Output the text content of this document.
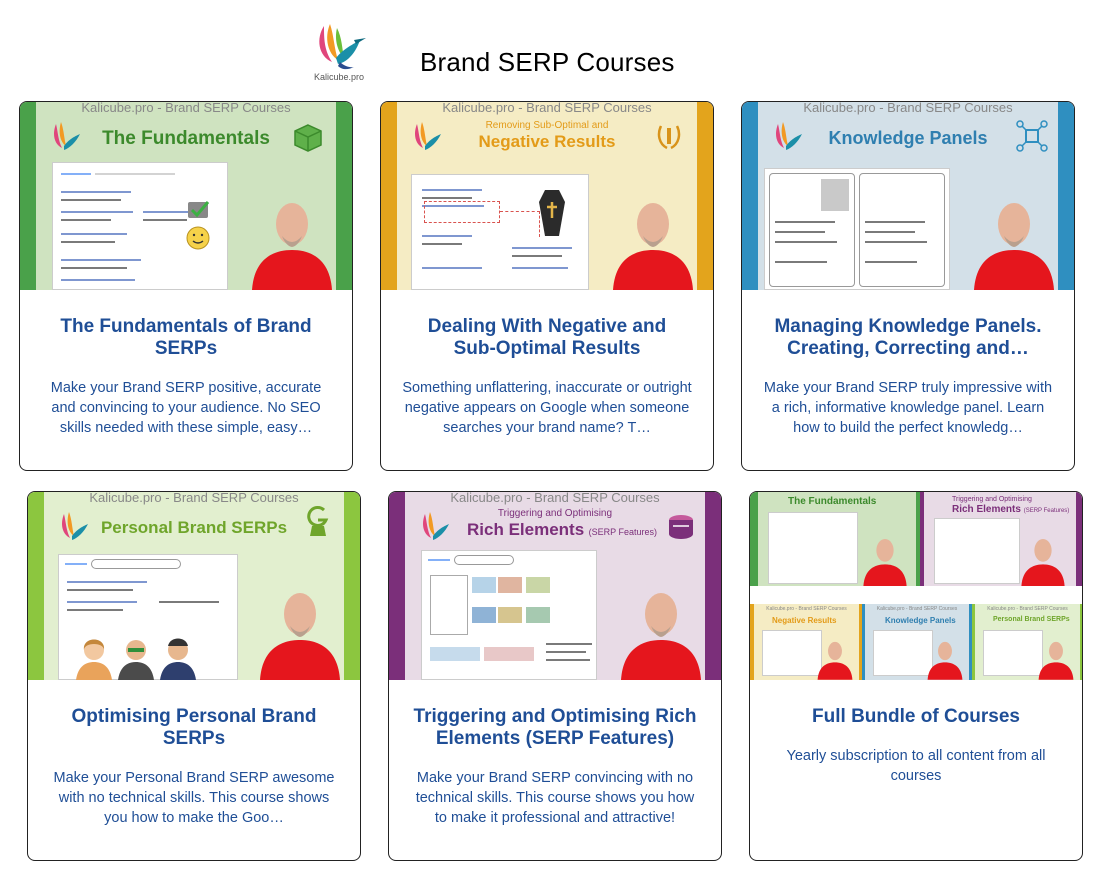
Kalicube.pro Brand SERP Courses
Kalicube.pro - Brand SERP Courses
The Fundamentals
The Fundamentals of Brand SERPs
Make your Brand SERP positive, accurate and convincing to your audience. No SEO skills needed with these simple, easy…
Kalicube.pro - Brand SERP Courses
Removing Sub-Optimal and
Negative Results
Dealing With Negative and Sub-Optimal Results
Something unflattering, inaccurate or outright negative appears on Google when someone searches your brand name? T…
Kalicube.pro - Brand SERP Courses
Knowledge Panels
Managing Knowledge Panels. Creating, Correcting and…
Make your Brand SERP truly impressive with a rich, informative knowledge panel. Learn how to build the perfect knowledg…
Kalicube.pro - Brand SERP Courses
Personal Brand SERPs
Optimising Personal Brand SERPs
Make your Personal Brand SERP awesome with no technical skills. This course shows you how to make the Goo…
Kalicube.pro - Brand SERP Courses
Triggering and Optimising
Rich Elements (SERP Features)
Triggering and Optimising Rich Elements (SERP Features)
Make your Brand SERP convincing with no technical skills. This course shows you how to make it professional and attractive!
The Fundamentals	Triggering and Optimising
Rich Elements (SERP Features)
Kalicube.pro - Brand SERP Courses
Negative Results
Kalicube.pro - Brand SERP Courses
Knowledge Panels
Kalicube.pro - Brand SERP Courses
Personal Brand SERPs
Full Bundle of Courses
Yearly subscription to all content from all courses
